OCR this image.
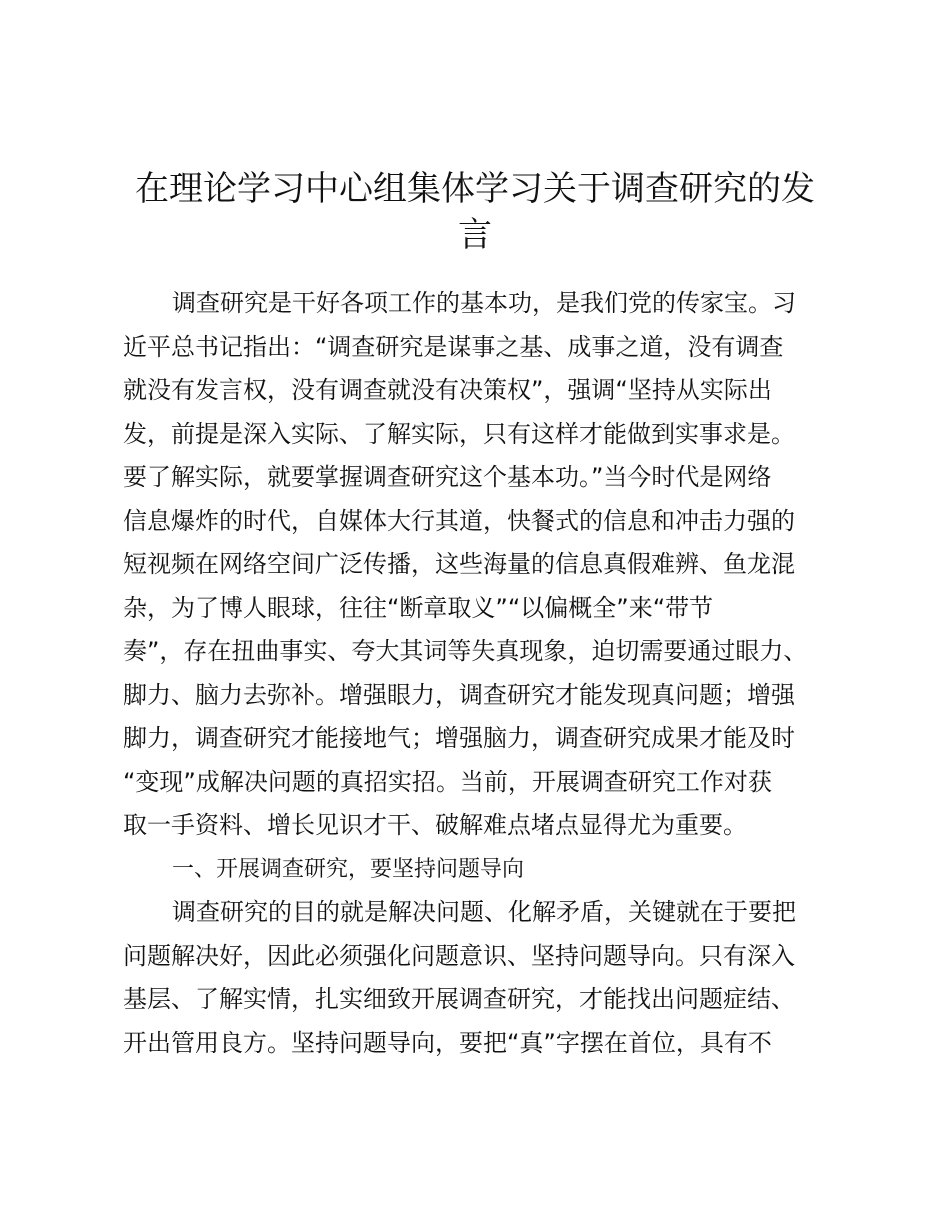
在理论学习中心组集体学习关于调查研究的发
言
调查研究是干好各项工作的基本功，是我们党的传家宝。习
近平总书记指出：“调查研究是谋事之基、成事之道，没有调查
就没有发言权，没有调查就没有决策权”，强调“坚持从实际出
发，前提是深入实际、了解实际，只有这样才能做到实事求是。
要了解实际，就要掌握调查研究这个基本功。”当今时代是网络
信息爆炸的时代，自媒体大行其道，快餐式的信息和冲击力强的
短视频在网络空间广泛传播，这些海量的信息真假难辨、鱼龙混
杂，为了博人眼球，往往“断章取义”“以偏概全”来“带节
奏”，存在扭曲事实、夸大其词等失真现象，迫切需要通过眼力、
脚力、脑力去弥补。增强眼力，调查研究才能发现真问题；增强
脚力，调查研究才能接地气；增强脑力，调查研究成果才能及时
“变现”成解决问题的真招实招。当前，开展调查研究工作对获
取一手资料、增长见识才干、破解难点堵点显得尤为重要。
一、开展调查研究，要坚持问题导向
调查研究的目的就是解决问题、化解矛盾，关键就在于要把
问题解决好，因此必须强化问题意识、坚持问题导向。只有深入
基层、了解实情，扎实细致开展调查研究，才能找出问题症结、
开出管用良方。坚持问题导向，要把“真”字摆在首位，具有不
